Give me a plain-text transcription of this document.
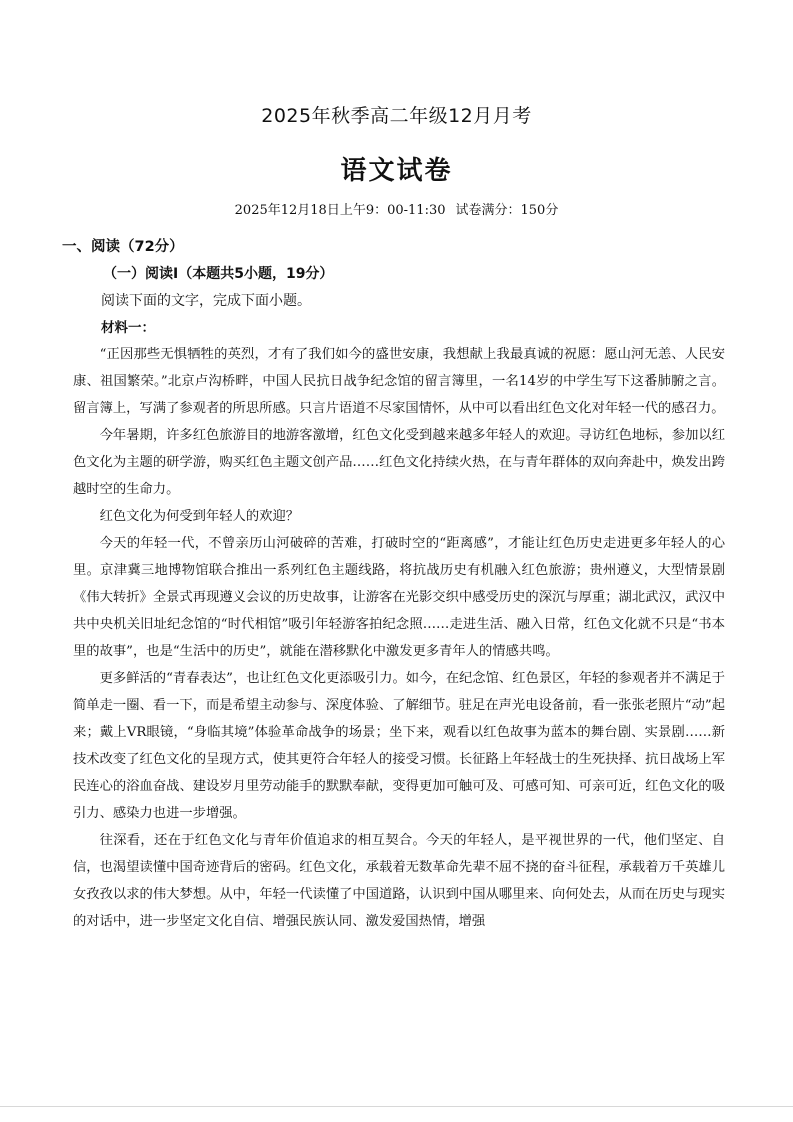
2025年秋季高二年级12月月考
语文试卷
2025年12月18日上午9：00-11:30 试卷满分：150分
一、阅读（72分）
（一）阅读I（本题共5小题，19分）
阅读下面的文字，完成下面小题。
材料一：

“正因那些无惧牺牲的英烈，才有了我们如今的盛世安康，我想献上我最真诚的祝愿：愿山河无恙、人民安康、祖国繁荣。”北京卢沟桥畔，中国人民抗日战争纪念馆的留言簿里，一名14岁的中学生写下这番肺腑之言。留言簿上，写满了参观者的所思所感。只言片语道不尽家国情怀，从中可以看出红色文化对年轻一代的感召力。

今年暑期，许多红色旅游目的地游客激增，红色文化受到越来越多年轻人的欢迎。寻访红色地标，参加以红色文化为主题的研学游，购买红色主题文创产品……红色文化持续火热，在与青年群体的双向奔赴中，焕发出跨越时空的生命力。

红色文化为何受到年轻人的欢迎？

今天的年轻一代，不曾亲历山河破碎的苦难，打破时空的“距离感”，才能让红色历史走进更多年轻人的心里。京津冀三地博物馆联合推出一系列红色主题线路，将抗战历史有机融入红色旅游；贵州遵义，大型情景剧《伟大转折》全景式再现遵义会议的历史故事，让游客在光影交织中感受历史的深沉与厚重；湖北武汉，武汉中共中央机关旧址纪念馆的“时代相馆”吸引年轻游客拍纪念照……走进生活、融入日常，红色文化就不只是“书本里的故事”，也是“生活中的历史”，就能在潜移默化中激发更多青年人的情感共鸣。

更多鲜活的“青春表达”，也让红色文化更添吸引力。如今，在纪念馆、红色景区，年轻的参观者并不满足于简单走一圈、看一下，而是希望主动参与、深度体验、了解细节。驻足在声光电设备前，看一张张老照片“动”起来；戴上VR眼镜，“身临其境”体验革命战争的场景；坐下来，观看以红色故事为蓝本的舞台剧、实景剧……新技术改变了红色文化的呈现方式，使其更符合年轻人的接受习惯。长征路上年轻战士的生死抉择、抗日战场上军民连心的浴血奋战、建设岁月里劳动能手的默默奉献，变得更加可触可及、可感可知、可亲可近，红色文化的吸引力、感染力也进一步增强。

往深看，还在于红色文化与青年价值追求的相互契合。今天的年轻人，是平视世界的一代，他们坚定、自信，也渴望读懂中国奇迹背后的密码。红色文化，承载着无数革命先辈不屈不挠的奋斗征程，承载着万千英雄儿女孜孜以求的伟大梦想。从中，年轻一代读懂了中国道路，认识到中国从哪里来、向何处去，从而在历史与现实的对话中，进一步坚定文化自信、增强民族认同、激发爱国热情，增强
